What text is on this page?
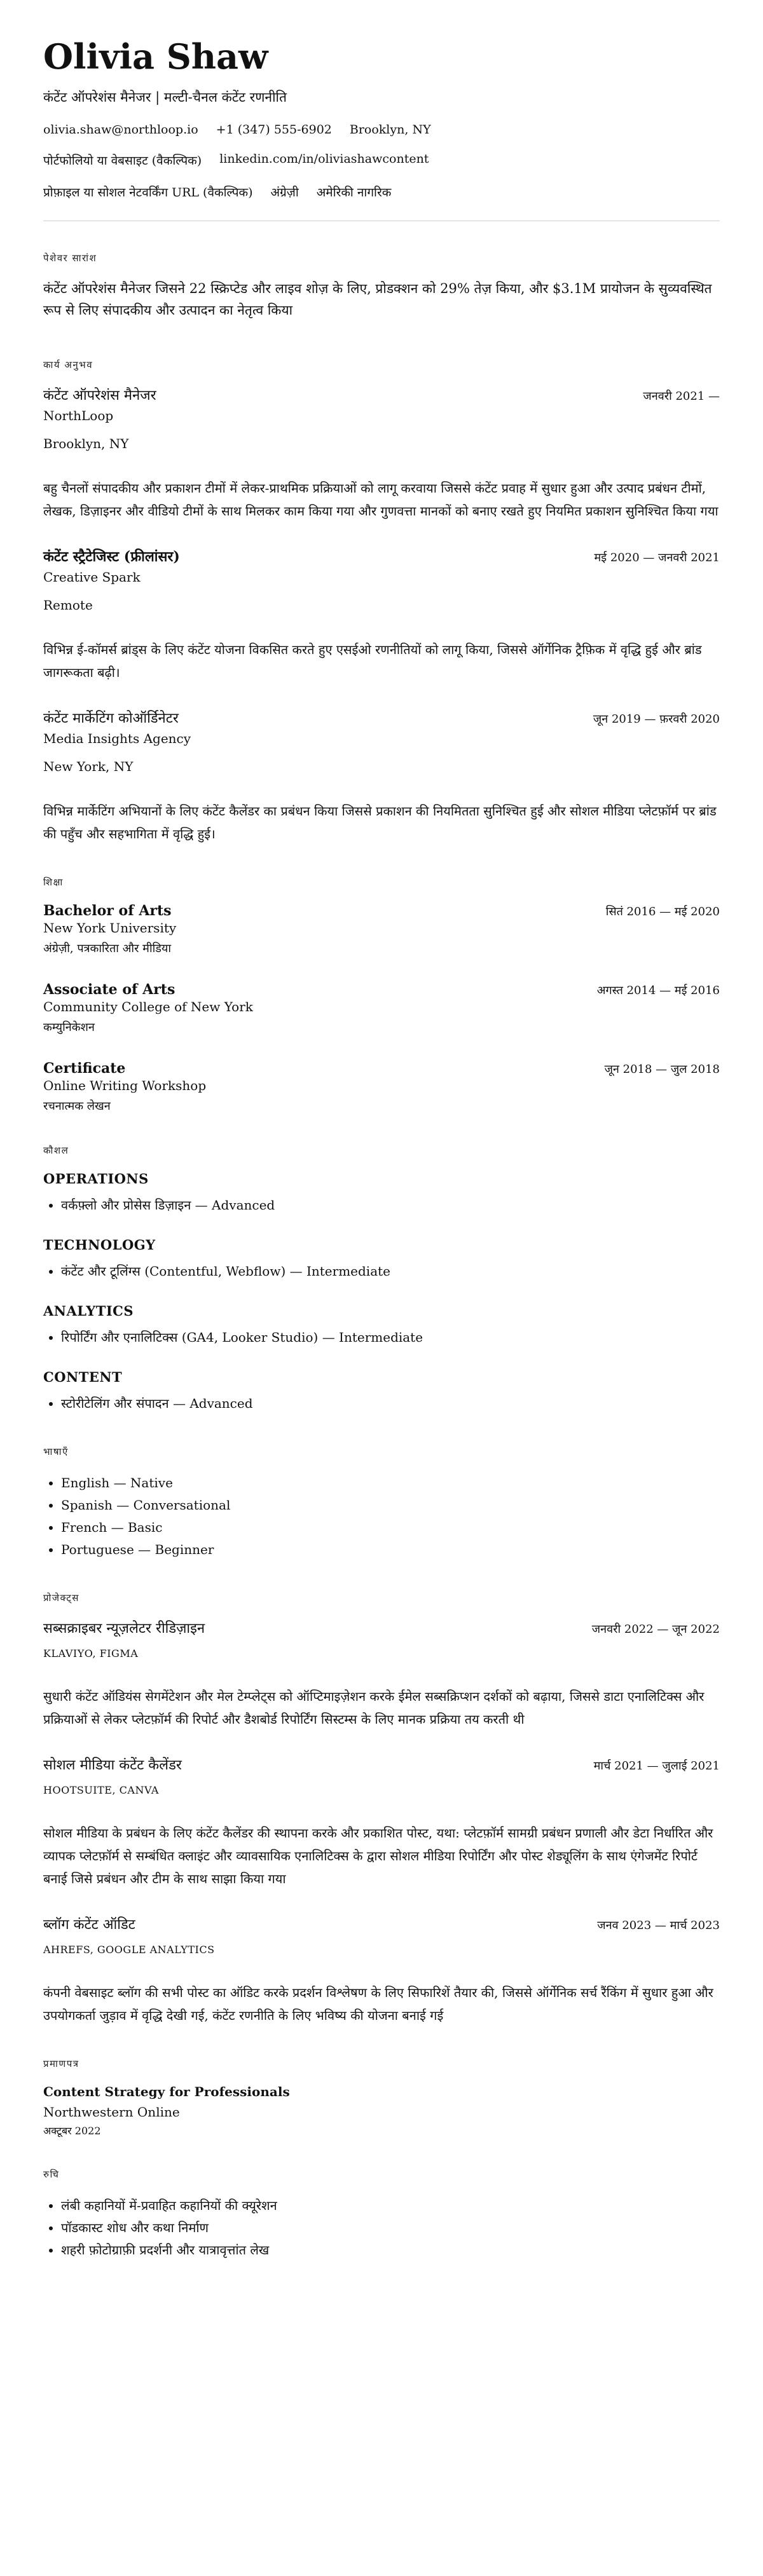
Olivia Shaw
कंटेंट ऑपरेशंस मैनेजर | मल्टी-चैनल कंटेंट रणनीति
olivia.shaw@northloop.io +1 (347) 555-6902 Brooklyn, NY
पोर्टफोलियो या वेबसाइट (वैकल्पिक) linkedin.com/in/oliviashawcontent
प्रोफ़ाइल या सोशल नेटवर्किंग URL (वैकल्पिक) अंग्रेज़ी अमेरिकी नागरिक
पेशेवर सारांश
कंटेंट ऑपरेशंस मैनेजर जिसने 22 स्क्रिप्टेड और लाइव शोज़ के लिए, प्रोडक्शन को 29% तेज़ किया, और $3.1M प्रायोजन के सुव्यवस्थित रूप से लिए संपादकीय और उत्पादन का नेतृत्व किया
कार्य अनुभव
कंटेंट ऑपरेशंस मैनेजर	जनवरी 2021 —
NorthLoop
Brooklyn, NY
बहु चैनलों संपादकीय और प्रकाशन टीमों में लेकर-प्राथमिक प्रक्रियाओं को लागू करवाया जिससे कंटेंट प्रवाह में सुधार हुआ और उत्पाद प्रबंधन टीमों, लेखक, डिज़ाइनर और वीडियो टीमों के साथ मिलकर काम किया गया और गुणवत्ता मानकों को बनाए रखते हुए नियमित प्रकाशन सुनिश्चित किया गया
कंटेंट स्ट्रैटेजिस्ट (फ्रीलांसर)	मई 2020 — जनवरी 2021
Creative Spark
Remote
विभिन्न ई-कॉमर्स ब्रांड्स के लिए कंटेंट योजना विकसित करते हुए एसईओ रणनीतियों को लागू किया, जिससे ऑर्गेनिक ट्रैफ़िक में वृद्धि हुई और ब्रांड जागरूकता बढ़ी।
कंटेंट मार्केटिंग कोऑर्डिनेटर	जून 2019 — फ़रवरी 2020
Media Insights Agency
New York, NY
विभिन्न मार्केटिंग अभियानों के लिए कंटेंट कैलेंडर का प्रबंधन किया जिससे प्रकाशन की नियमितता सुनिश्चित हुई और सोशल मीडिया प्लेटफ़ॉर्म पर ब्रांड की पहुँच और सहभागिता में वृद्धि हुई।
शिक्षा
Bachelor of Arts	सितं 2016 — मई 2020
New York University
अंग्रेज़ी, पत्रकारिता और मीडिया
Associate of Arts	अगस्त 2014 — मई 2016
Community College of New York
कम्युनिकेशन
Certificate	जून 2018 — जुल 2018
Online Writing Workshop
रचनात्मक लेखन
कौशल
OPERATIONS
• वर्कफ़्लो और प्रोसेस डिज़ाइन — Advanced
TECHNOLOGY
• कंटेंट और टूलिंग्स (Contentful, Webflow) — Intermediate
ANALYTICS
• रिपोर्टिंग और एनालिटिक्स (GA4, Looker Studio) — Intermediate
CONTENT
• स्टोरीटेलिंग और संपादन — Advanced
भाषाएँ
• English — Native
• Spanish — Conversational
• French — Basic
• Portuguese — Beginner
प्रोजेक्ट्स
सब्सक्राइबर न्यूज़लेटर रीडिज़ाइन	जनवरी 2022 — जून 2022
KLAVIYO, FIGMA
सुधारी कंटेंट ऑडियंस सेगमेंटेशन और मेल टेम्प्लेट्स को ऑप्टिमाइज़ेशन करके ईमेल सब्सक्रिप्शन दर्शकों को बढ़ाया, जिससे डाटा एनालिटिक्स और प्रक्रियाओं से लेकर प्लेटफ़ॉर्म की रिपोर्ट और डैशबोर्ड रिपोर्टिंग सिस्टम्स के लिए मानक प्रक्रिया तय करती थी
सोशल मीडिया कंटेंट कैलेंडर	मार्च 2021 — जुलाई 2021
HOOTSUITE, CANVA
सोशल मीडिया के प्रबंधन के लिए कंटेंट कैलेंडर की स्थापना करके और प्रकाशित पोस्ट, यथा: प्लेटफ़ॉर्म सामग्री प्रबंधन प्रणाली और डेटा निर्धारित और व्यापक प्लेटफ़ॉर्म से सम्बंधित क्लाइंट और व्यावसायिक एनालिटिक्स के द्वारा सोशल मीडिया रिपोर्टिंग और पोस्ट शेड्यूलिंग के साथ एंगेजमेंट रिपोर्ट बनाई जिसे प्रबंधन और टीम के साथ साझा किया गया
ब्लॉग कंटेंट ऑडिट	जनव 2023 — मार्च 2023
AHREFS, GOOGLE ANALYTICS
कंपनी वेबसाइट ब्लॉग की सभी पोस्ट का ऑडिट करके प्रदर्शन विश्लेषण के लिए सिफारिशें तैयार की, जिससे ऑर्गेनिक सर्च रैंकिंग में सुधार हुआ और उपयोगकर्ता जुड़ाव में वृद्धि देखी गई, कंटेंट रणनीति के लिए भविष्य की योजना बनाई गई
प्रमाणपत्र
Content Strategy for Professionals
Northwestern Online
अक्टूबर 2022
रुचि
• लंबी कहानियों में-प्रवाहित कहानियों की क्यूरेशन
• पॉडकास्ट शोध और कथा निर्माण
• शहरी फ़ोटोग्राफ़ी प्रदर्शनी और यात्रावृत्तांत लेख
